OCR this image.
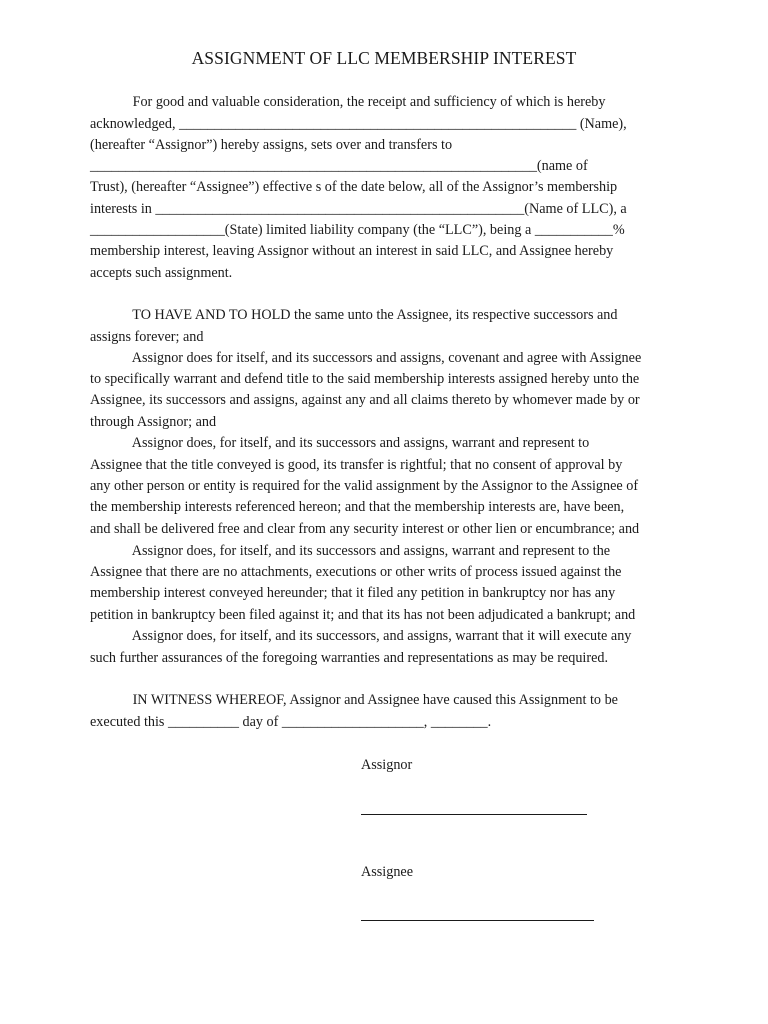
ASSIGNMENT OF LLC MEMBERSHIP INTEREST
For good and valuable consideration, the receipt and sufficiency of which is hereby
acknowledged, ________________________________________________________ (Name),
(hereafter “Assignor”) hereby assigns, sets over and transfers to
_______________________________________________________________(name of
Trust), (hereafter “Assignee”) effective s of the date below, all of the Assignor’s membership
interests in ____________________________________________________(Name of LLC), a
___________________(State) limited liability company (the “LLC”), being a ___________%
membership interest, leaving Assignor without an interest in said LLC, and Assignee hereby
accepts such assignment.
TO HAVE AND TO HOLD the same unto the Assignee, its respective successors and
assigns forever; and
Assignor does for itself, and its successors and assigns, covenant and agree with Assignee
to specifically warrant and defend title to the said membership interests assigned hereby unto the
Assignee, its successors and assigns, against any and all claims thereto by whomever made by or
through Assignor; and
Assignor does, for itself, and its successors and assigns, warrant and represent to
Assignee that the title conveyed is good, its transfer is rightful; that no consent of approval by
any other person or entity is required for the valid assignment by the Assignor to the Assignee of
the membership interests referenced hereon; and that the membership interests are, have been,
and shall be delivered free and clear from any security interest or other lien or encumbrance; and
Assignor does, for itself, and its successors and assigns, warrant and represent to the
Assignee that there are no attachments, executions or other writs of process issued against the
membership interest conveyed hereunder; that it filed any petition in bankruptcy nor has any
petition in bankruptcy been filed against it; and that its has not been adjudicated a bankrupt; and
Assignor does, for itself, and its successors, and assigns, warrant that it will execute any
such further assurances of the foregoing warranties and representations as may be required.
IN WITNESS WHEREOF, Assignor and Assignee have caused this Assignment to be
executed this __________ day of ____________________, ________.
Assignor
Assignee
